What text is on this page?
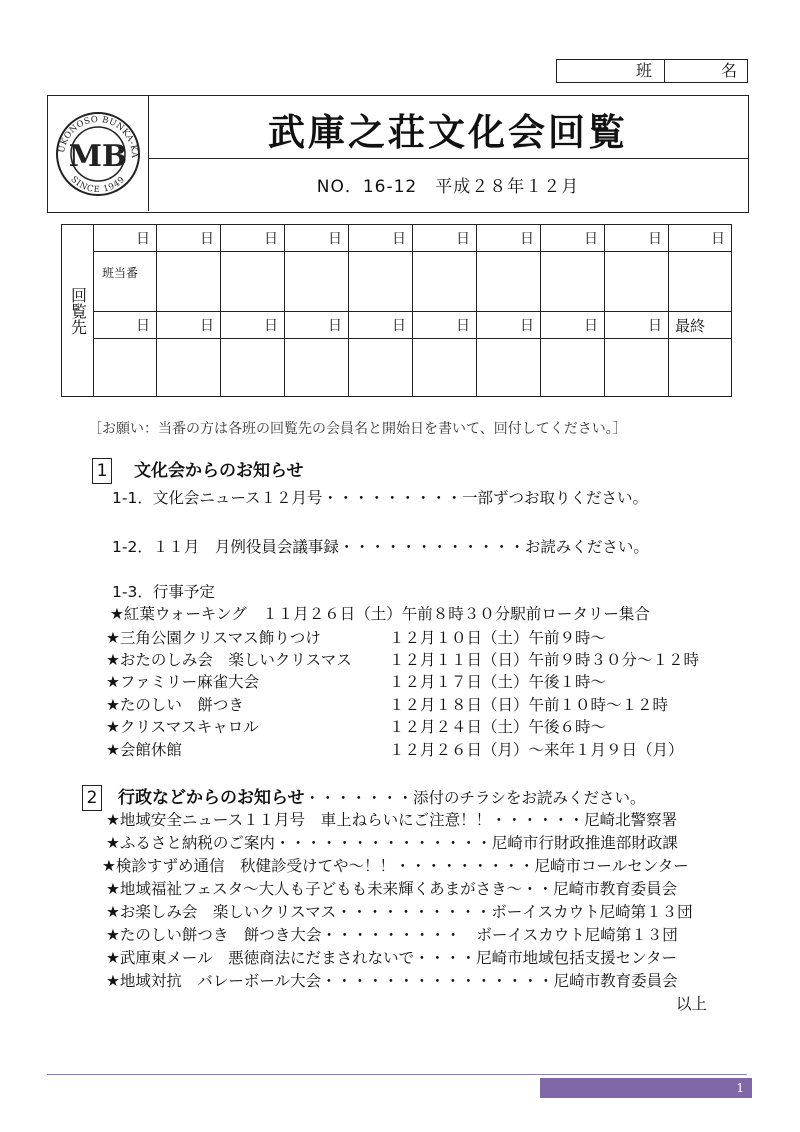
班	名
UKONOSO BUNKA-KA
SINCE 1949
MB
武庫之荘文化会回覧
NO．16-12　平成２８年１２月
回覧先	日	日	日	日	日	日	日	日	日	日
	班当番									
	日	日	日	日	日	日	日	日	日	最終

［お願い：当番の方は各班の回覧先の会員名と開始日を書いて、回付してください。］
1 文化会からのお知らせ
1-1．文化会ニュース１２月号・・・・・・・・・一部ずつお取りください。
1-2．１１月　月例役員会議事録・・・・・・・・・・・・お読みください。
1-3．行事予定
★紅葉ウォーキング　１１月２６日（土）午前８時３０分駅前ロータリー集合
★三角公園クリスマス飾りつけ	１２月１０日（土）午前９時～
★おたのしみ会　楽しいクリスマス １２月１１日（日）午前９時３０分～１２時
★ファミリー麻雀大会	１２月１７日（土）午後１時～
★たのしい　餅つき	１２月１８日（日）午前１０時～１２時
★クリスマスキャロル	１２月２４日（土）午後６時～
★会館休館	１２月２６日（月）～来年１月９日（月）
2 行政などからのお知らせ・・・・・・・添付のチラシをお読みください。
★地域安全ニュース１１月号　車上ねらいにご注意！！・・・・・・尼崎北警察署
★ふるさと納税のご案内・・・・・・・・・・・・・・尼崎市行財政推進部財政課
★検診すずめ通信　秋健診受けてや～！！・・・・・・・・・尼崎市コールセンター
★地域福祉フェスタ～大人も子どもも未来輝くあまがさき～・・尼崎市教育委員会
★お楽しみ会　楽しいクリスマス・・・・・・・・・・ボーイスカウト尼崎第１３団
★たのしい餅つき　餅つき大会・・・・・・・・・　ボーイスカウト尼崎第１３団
★武庫東メール　悪徳商法にだまされないで・・・・尼崎市地域包括支援センター
★地域対抗　バレーボール大会・・・・・・・・・・・・・・・尼崎市教育委員会
以上
1
